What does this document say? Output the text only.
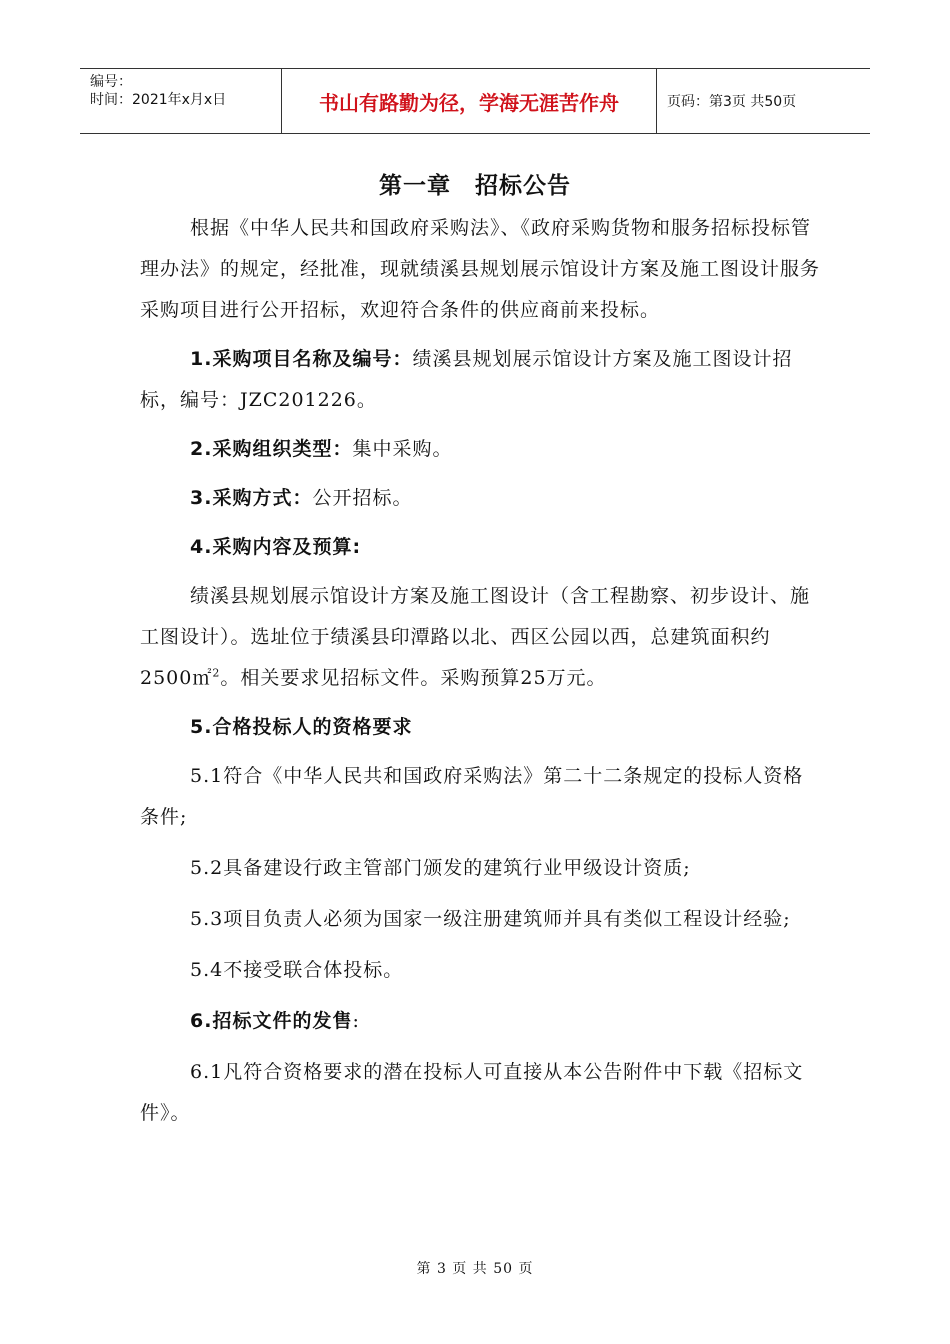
编号：
时间：2021年x月x日	书山有路勤为径，学海无涯苦作舟	页码：第3页 共50页
第一章　招标公告

根据《中华人民共和国政府采购法》、《政府采购货物和服务招标投标管理办法》的规定，经批准，现就绩溪县规划展示馆设计方案及施工图设计服务采购项目进行公开招标，欢迎符合条件的供应商前来投标。

1.采购项目名称及编号：绩溪县规划展示馆设计方案及施工图设计招标，编号：JZC201226。

2.采购组织类型：集中采购。

3.采购方式：公开招标。

4.采购内容及预算:

绩溪县规划展示馆设计方案及施工图设计（含工程勘察、初步设计、施工图设计）。选址位于绩溪县印潭路以北、西区公园以西，总建筑面积约2500㎡$^2$。相关要求见招标文件。采购预算25万元。

5.合格投标人的资格要求

5.1符合《中华人民共和国政府采购法》第二十二条规定的投标人资格条件;

5.2具备建设行政主管部门颁发的建筑行业甲级设计资质;

5.3项目负责人必须为国家一级注册建筑师并具有类似工程设计经验;

5.4不接受联合体投标。

6.招标文件的发售:

6.1凡符合资格要求的潜在投标人可直接从本公告附件中下载《招标文件》。

第 3 页 共 50 页
